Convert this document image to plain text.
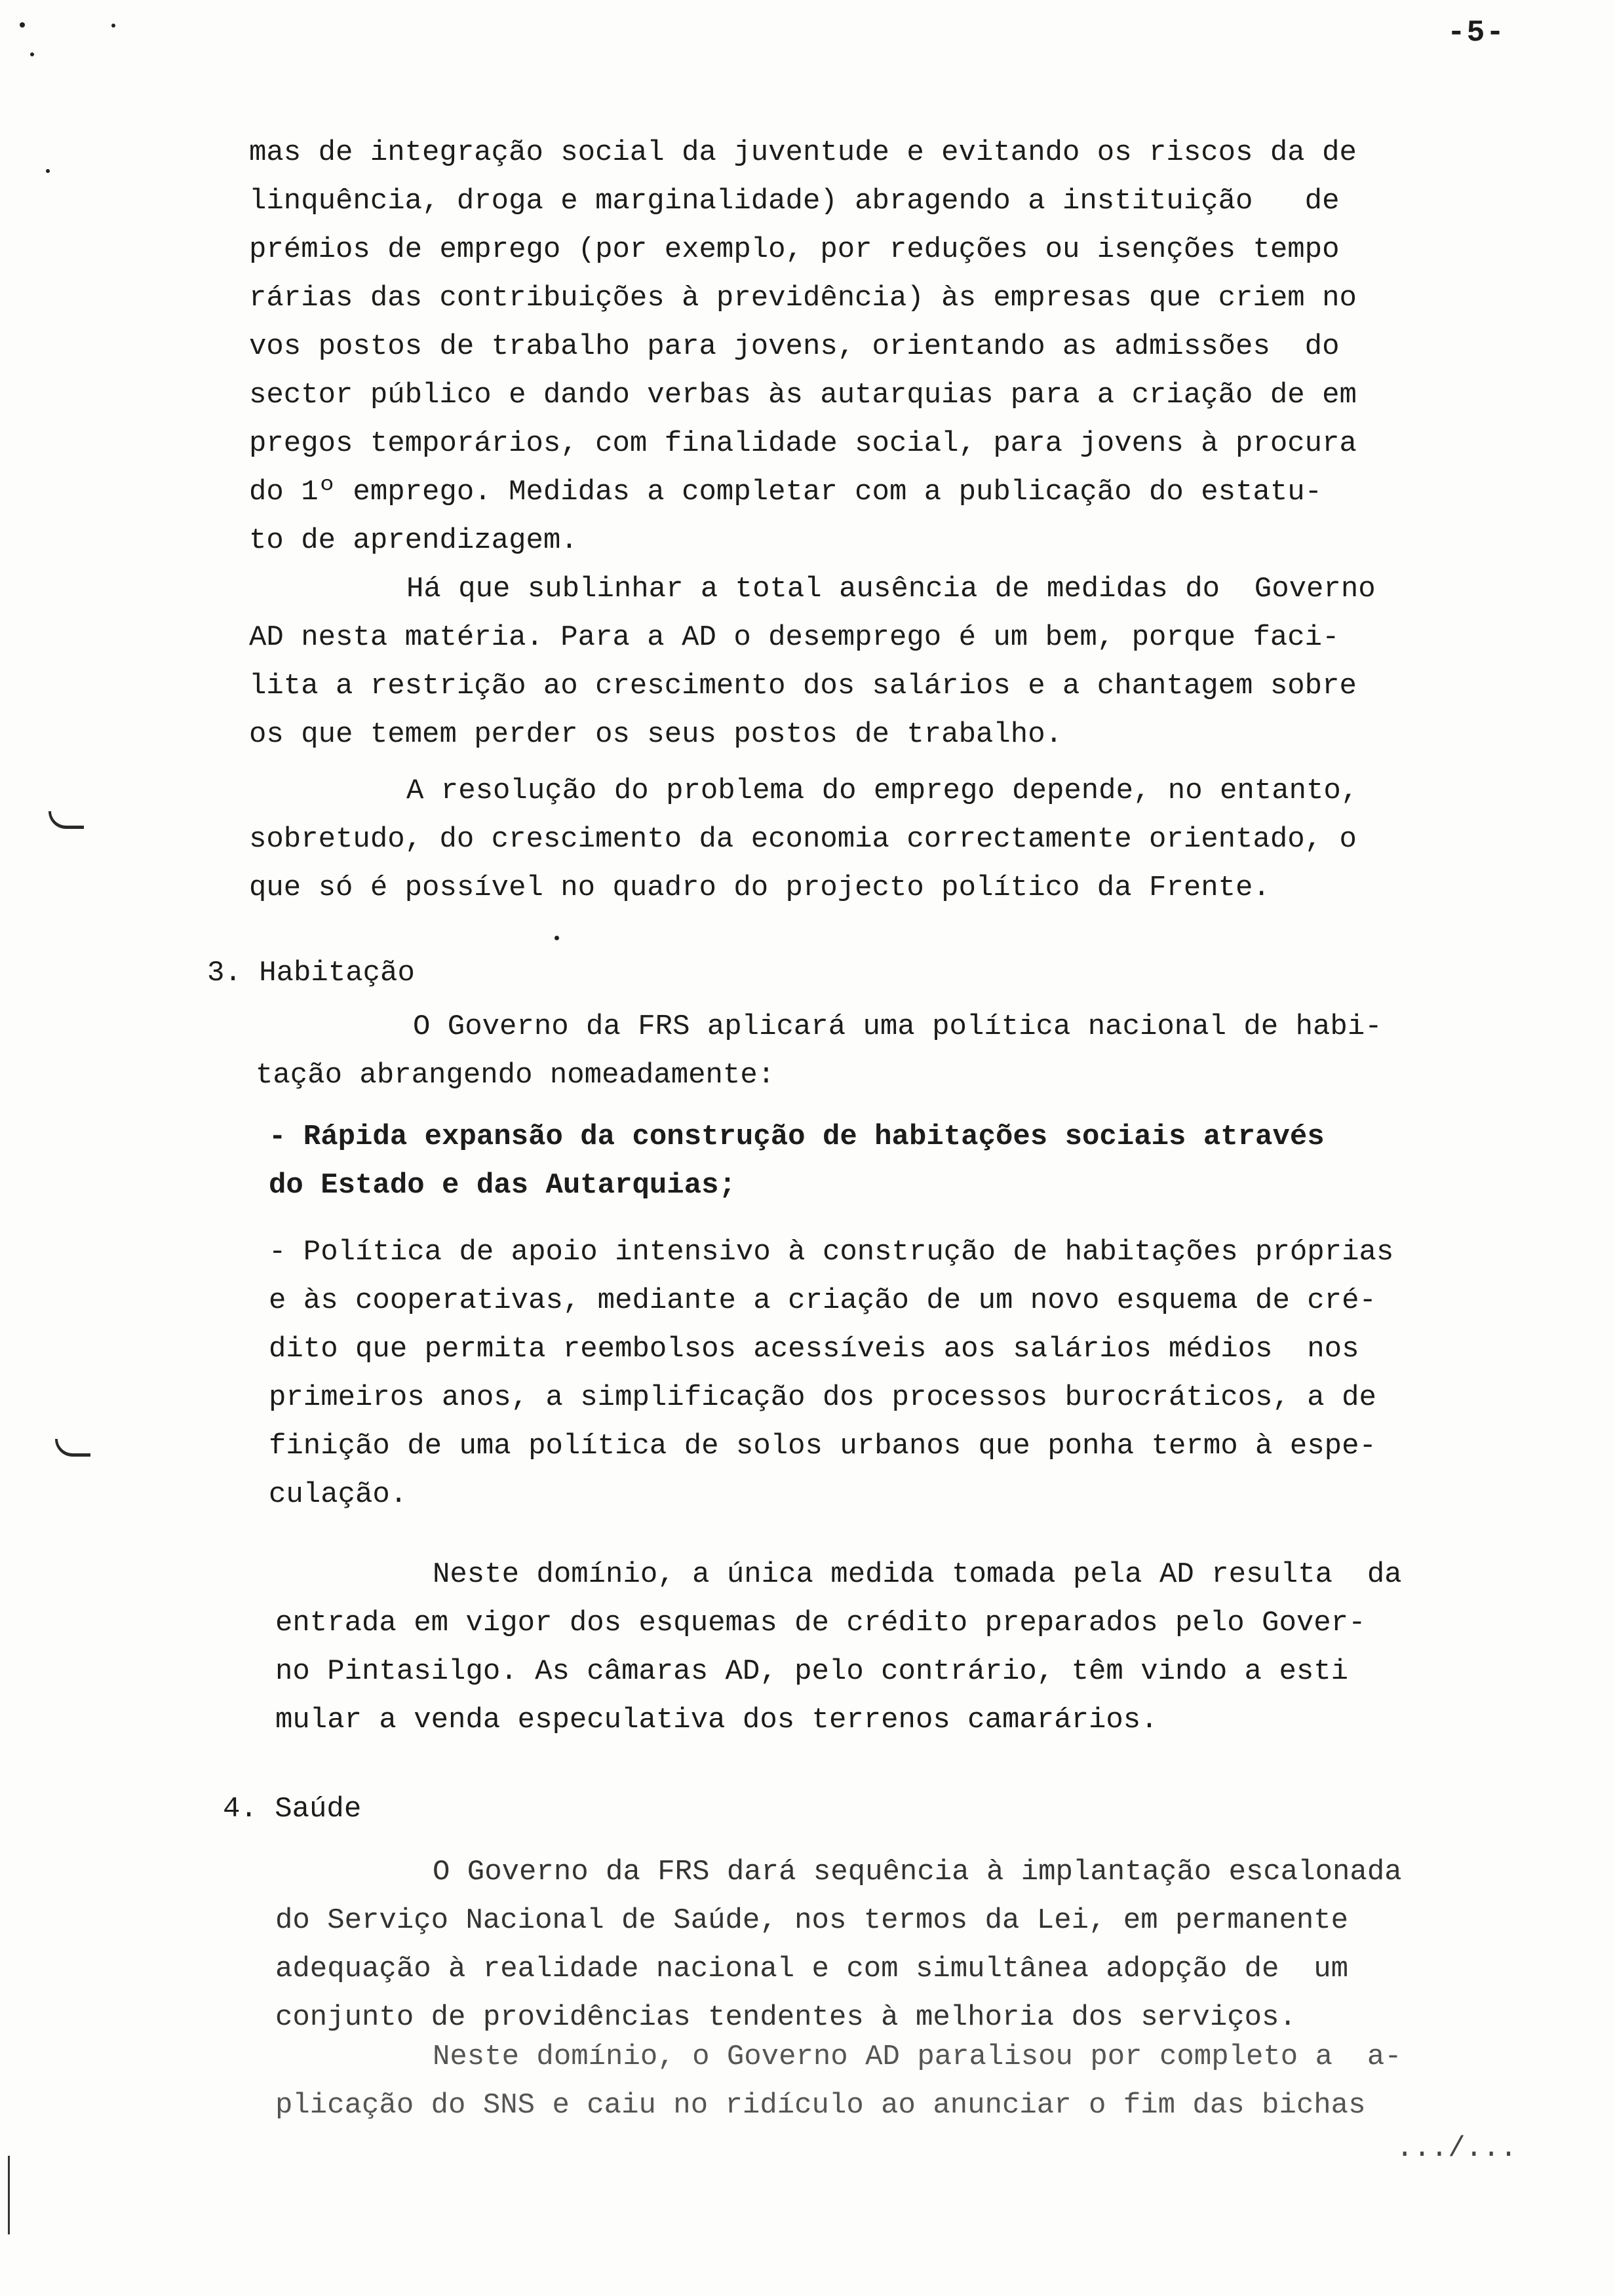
-5-
mas de integração social da juventude e evitando os riscos da de
linquência, droga e marginalidade) abragendo a instituição   de
prémios de emprego (por exemplo, por reduções ou isenções tempo
rárias das contribuições à previdência) às empresas que criem no
vos postos de trabalho para jovens, orientando as admissões  do
sector público e dando verbas às autarquias para a criação de em
pregos temporários, com finalidade social, para jovens à procura
do 1º emprego. Medidas a completar com a publicação do estatu-
to de aprendizagem.
Há que sublinhar a total ausência de medidas do  Governo
AD nesta matéria. Para a AD o desemprego é um bem, porque faci-
lita a restrição ao crescimento dos salários e a chantagem sobre
os que temem perder os seus postos de trabalho.
A resolução do problema do emprego depende, no entanto,
sobretudo, do crescimento da economia correctamente orientado, o
que só é possível no quadro do projecto político da Frente.
3. Habitação
O Governo da FRS aplicará uma política nacional de habi-
tação abrangendo nomeadamente:
- Rápida expansão da construção de habitações sociais através
do Estado e das Autarquias;
- Política de apoio intensivo à construção de habitações próprias
e às cooperativas, mediante a criação de um novo esquema de cré-
dito que permita reembolsos acessíveis aos salários médios  nos
primeiros anos, a simplificação dos processos burocráticos, a de
finição de uma política de solos urbanos que ponha termo à espe-
culação.
Neste domínio, a única medida tomada pela AD resulta  da
entrada em vigor dos esquemas de crédito preparados pelo Gover-
no Pintasilgo. As câmaras AD, pelo contrário, têm vindo a esti
mular a venda especulativa dos terrenos camarários.
4. Saúde
O Governo da FRS dará sequência à implantação escalonada
do Serviço Nacional de Saúde, nos termos da Lei, em permanente
adequação à realidade nacional e com simultânea adopção de  um
conjunto de providências tendentes à melhoria dos serviços.
Neste domínio, o Governo AD paralisou por completo a  a-
plicação do SNS e caiu no ridículo ao anunciar o fim das bichas
.../...
